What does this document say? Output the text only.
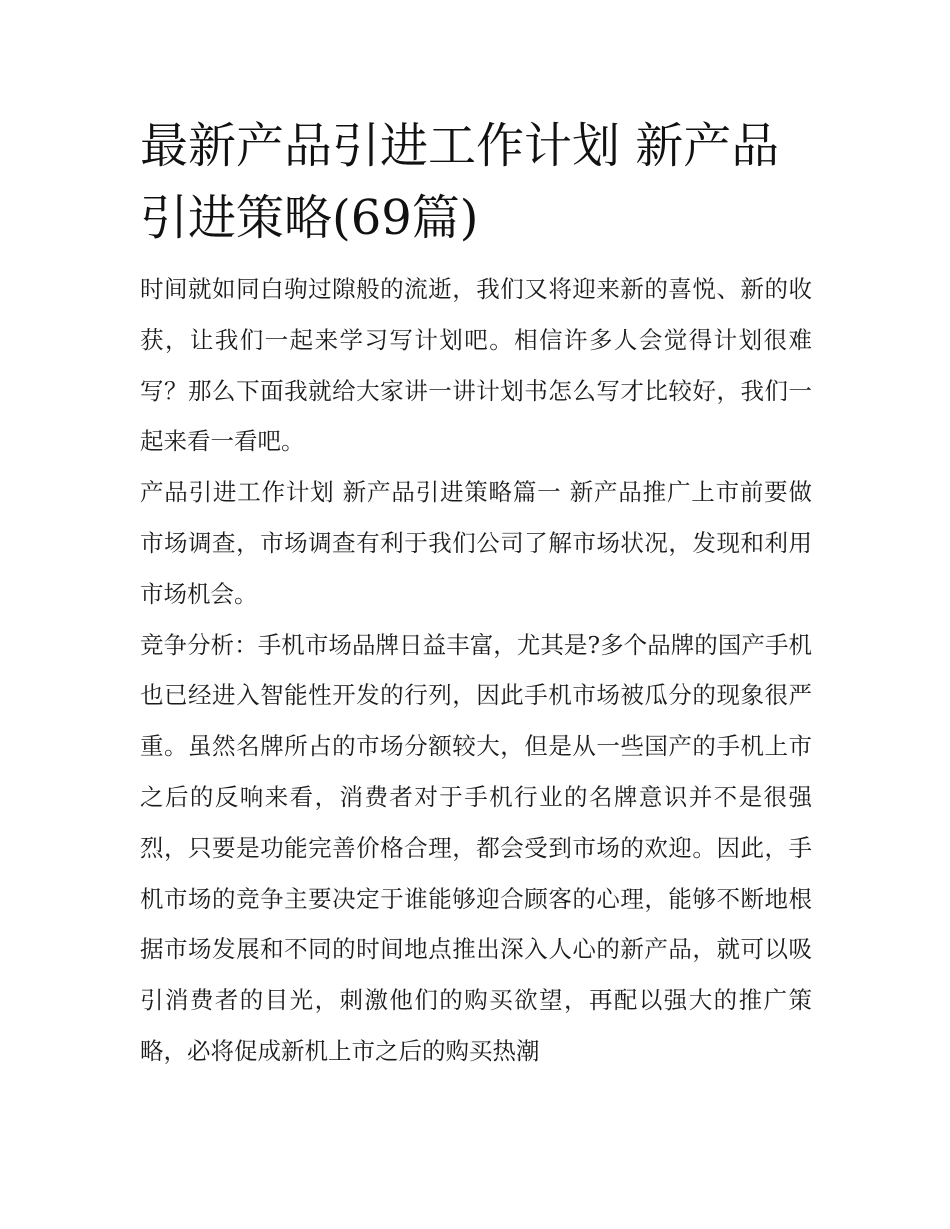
最新产品引进工作计划 新产品引进策略(69篇)

时间就如同白驹过隙般的流逝，我们又将迎来新的喜悦、新的收获，让我们一起来学习写计划吧。相信许多人会觉得计划很难写？那么下面我就给大家讲一讲计划书怎么写才比较好，我们一起来看一看吧。

产品引进工作计划 新产品引进策略篇一 新产品推广上市前要做市场调查，市场调查有利于我们公司了解市场状况，发现和利用市场机会。

竞争分析：手机市场品牌日益丰富，尤其是?多个品牌的国产手机也已经进入智能性开发的行列，因此手机市场被瓜分的现象很严重。虽然名牌所占的市场分额较大，但是从一些国产的手机上市之后的反响来看，消费者对于手机行业的名牌意识并不是很强烈，只要是功能完善价格合理，都会受到市场的欢迎。因此，手机市场的竞争主要决定于谁能够迎合顾客的心理，能够不断地根据市场发展和不同的时间地点推出深入人心的新产品，就可以吸引消费者的目光，刺激他们的购买欲望，再配以强大的推广策略，必将促成新机上市之后的购买热潮
